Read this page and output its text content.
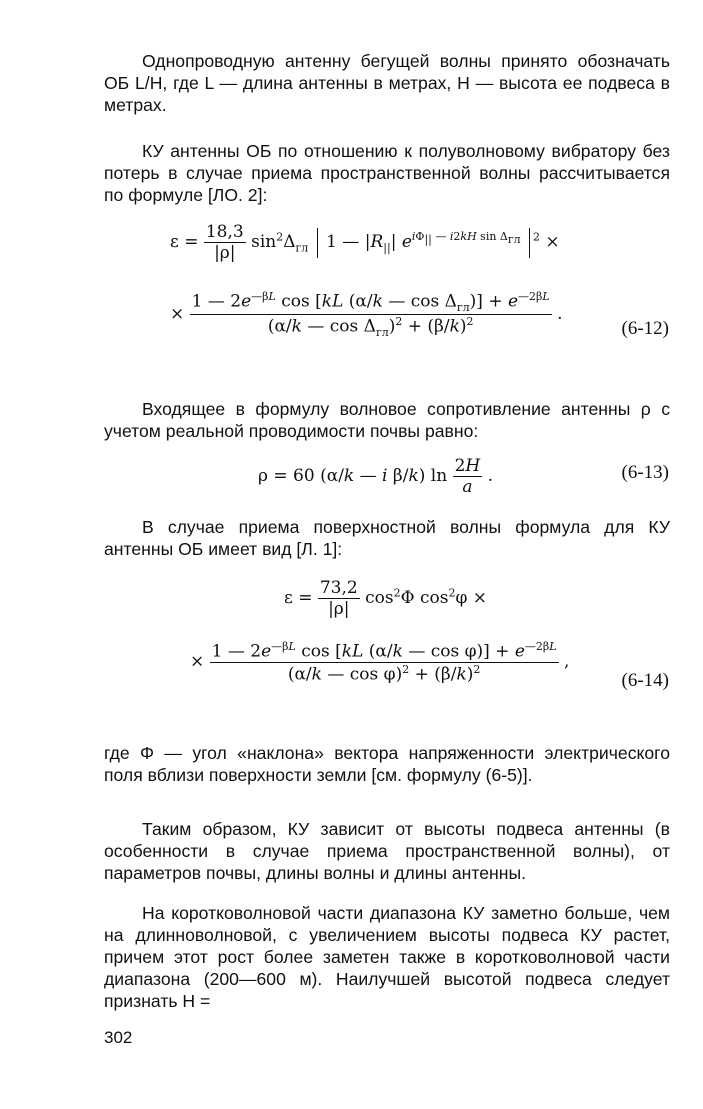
Однопроводную антенну бегущей волны принято обозначать ОБ L/H, где L — длина антенны в метрах, H — высота ее подвеса в метрах.
КУ антенны ОБ по отношению к полуволновому вибратору без потерь в случае приема пространственной волны рассчитывается по формуле [ЛО. 2]:
$\varepsilon = \frac{18,3}{|\rho|} \sin^2\Delta_{гл}$  1 — $|R_{||}|$ $e^{i\Phi_{||} — i2kH sin \Delta_{гл}}$ $^2$ ×
× $\frac{1 — 2e^{—\beta L} \cos [kL (\alpha/k — \cos \Delta_{гл})] + e^{—2\beta L}}{(\alpha/k — \cos \Delta_{гл})^2 + (\beta/k)^2}$ .
(6-12)
Входящее в формулу волновое сопротивление антенны ρ с учетом реальной проводимости почвы равно:
ρ = 60 (α/k — i β/k) $\ln \frac{2H}{a}$ .	(6-13)
В случае приема поверхностной волны формула для КУ антенны ОБ имеет вид [Л. 1]:
$\varepsilon = \frac{73,2}{|\rho|} \cos^2\Phi$ $\cos^2\varphi$ ×
× $\frac{1 — 2e^{—\beta L} \cos [kL (\alpha/k — \cos \varphi)] + e^{—2\beta L}}{(\alpha/k — \cos \varphi)^2 + (\beta/k)^2}$ ,
(6-14)
где Φ — угол «наклона» вектора напряженности электрического поля вблизи поверхности земли [см. формулу (6-5)].
Таким образом, КУ зависит от высоты подвеса антенны (в особенности в случае приема пространственной волны), от параметров почвы, длины волны и длины антенны.
На коротковолновой части диапазона КУ заметно больше, чем на длинноволновой, с увеличением высоты подвеса КУ растет, причем этот рост более заметен также в коротковолновой части диапазона (200—600 м). Наилучшей высотой подвеса следует признать H =
302
